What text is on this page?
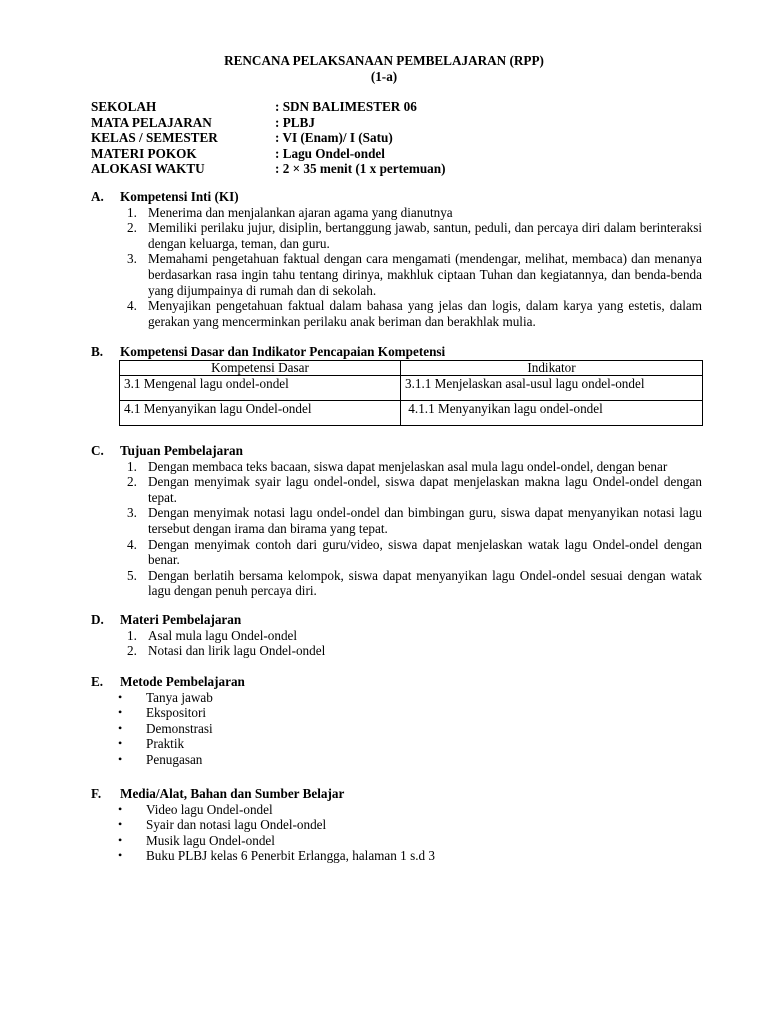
RENCANA PELAKSANAAN PEMBELAJARAN (RPP)
(1-a)
SEKOLAH	: SDN BALIMESTER 06
MATA PELAJARAN	: PLBJ
KELAS / SEMESTER	: VI (Enam)/ I (Satu)
MATERI POKOK	: Lagu Ondel-ondel
ALOKASI WAKTU	: 2 × 35 menit (1 x pertemuan)
A. Kompetensi Inti (KI)
1. Menerima dan menjalankan ajaran agama yang dianutnya
2. Memiliki perilaku jujur, disiplin, bertanggung jawab, santun, peduli, dan percaya diri dalam berinteraksi dengan keluarga, teman, dan guru.
3. Memahami pengetahuan faktual dengan cara mengamati (mendengar, melihat, membaca) dan menanya berdasarkan rasa ingin tahu tentang dirinya, makhluk ciptaan Tuhan dan kegiatannya, dan benda-benda yang dijumpainya di rumah dan di sekolah.
4. Menyajikan pengetahuan faktual dalam bahasa yang jelas dan logis, dalam karya yang estetis, dalam gerakan yang mencerminkan perilaku anak beriman dan berakhlak mulia.
B. Kompetensi Dasar dan Indikator Pencapaian Kompetensi
Kompetensi Dasar	Indikator
3.1 Mengenal lagu ondel-ondel	3.1.1 Menjelaskan asal-usul lagu ondel-ondel
4.1 Menyanyikan lagu Ondel-ondel	4.1.1 Menyanyikan lagu ondel-ondel
C. Tujuan Pembelajaran
1. Dengan membaca teks bacaan, siswa dapat menjelaskan asal mula lagu ondel-ondel, dengan benar
2. Dengan menyimak syair lagu ondel-ondel, siswa dapat menjelaskan makna lagu Ondel-ondel dengan tepat.
3. Dengan menyimak notasi lagu ondel-ondel dan bimbingan guru, siswa dapat menyanyikan notasi lagu tersebut dengan irama dan birama yang tepat.
4. Dengan menyimak contoh dari guru/video, siswa dapat menjelaskan watak lagu Ondel-ondel dengan benar.
5. Dengan berlatih bersama kelompok, siswa dapat menyanyikan lagu Ondel-ondel sesuai dengan watak lagu dengan penuh percaya diri.
D. Materi Pembelajaran
1. Asal mula lagu Ondel-ondel
2. Notasi dan lirik lagu Ondel-ondel
E. Metode Pembelajaran
• Tanya jawab
• Ekspositori
• Demonstrasi
• Praktik
• Penugasan
F. Media/Alat, Bahan dan Sumber Belajar
• Video lagu Ondel-ondel
• Syair dan notasi lagu Ondel-ondel
• Musik lagu Ondel-ondel
• Buku PLBJ kelas 6 Penerbit Erlangga, halaman 1 s.d 3
